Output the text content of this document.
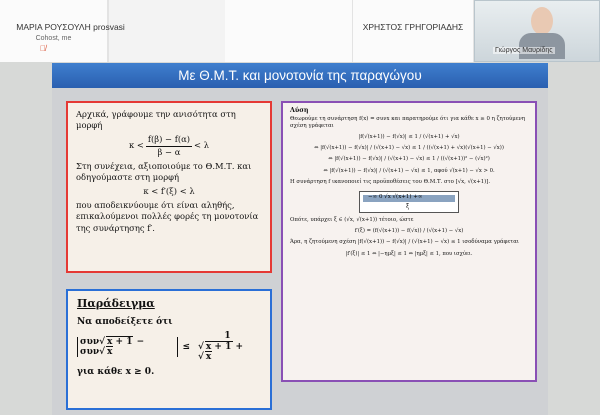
ΜΑΡΙΑ ΡΟΥΣΟΥΛΗ
Cohost, me
🎙̸
prosvasi	ΧΡΗΣΤΟΣ ΓΡΗΓΟΡΙΑΔΗΣ
Γιώργος Μαυρίδης
Με Θ.Μ.Τ. και μονοτονία της παραγώγου

Αρχικά, γράφουμε την ανισότητα στη μορφή

$\kappa < \frac{f(\beta) - f(\alpha)}{\beta - \alpha} < \lambda$

Στη συνέχεια, αξιοποιούμε το Θ.Μ.Τ. και οδηγούμαστε στη μορφή

κ < f′(ξ) < λ

που αποδεικνύουμε ότι είναι αληθής, επικαλούμενοι πολλές φορές τη μονοτονία της συνάρτησης f′.

Παράδειγμα
Να αποδείξετε ότι
συν√ x + 1 − συν√ x	≤ $\frac{1}{√ x + 1 + √ x}$
για κάθε x ≥ 0.
Λύση
Θεωρούμε τη συνάρτηση f(x) = συνx και παρατηρούμε ότι για κάθε x ≥ 0 η ζητούμενη σχέση γράφεται
|f(√(x+1)) − f(√x)| ≤ 1 / (√(x+1) + √x)
⇔ |f(√(x+1)) − f(√x)| / (√(x+1) − √x) ≤ 1 / ((√(x+1) + √x)(√(x+1) − √x))
⇔ |f(√(x+1)) − f(√x)| / (√(x+1) − √x) ≤ 1 / ((√(x+1))² − (√x)²)
⇔ |f(√(x+1)) − f(√x)| / (√(x+1) − √x) ≤ 1, αφού √(x+1) − √x > 0.
Η συνάρτηση f ικανοποιεί τις προϋποθέσεις του Θ.Μ.Τ. στο [√x, √(x+1)].
−∞ 0 √x √(x+1) +∞
ξ
Οπότε, υπάρχει ξ ∈ (√x, √(x+1)) τέτοιο, ώστε
f′(ξ) = (f(√(x+1)) − f(√x)) / (√(x+1) − √x)
Άρα, η ζητούμενη σχέση |f(√(x+1)) − f(√x)| / (√(x+1) − √x) ≤ 1 ισοδύναμα γράφεται
|f′(ξ)| ≤ 1 ⇔ |−ημξ| ≤ 1 ⇔ |ημξ| ≤ 1, που ισχύει.
